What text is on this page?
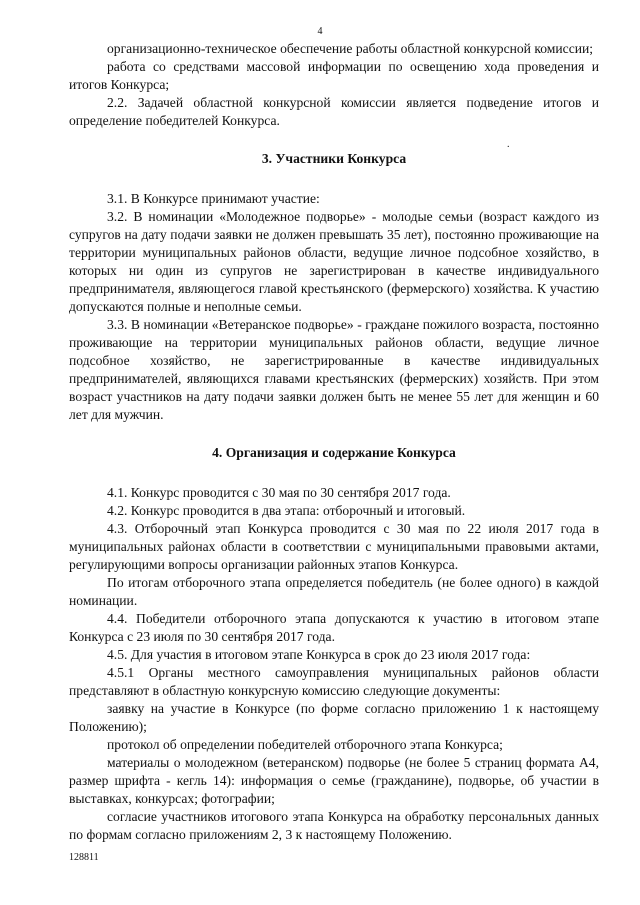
4

организационно-техническое обеспечение работы областной конкурсной комиссии;

работа со средствами массовой информации по освещению хода проведения и итогов Конкурса;

2.2. Задачей областной конкурсной комиссии является подведение итогов и определение победителей Конкурса.

3. Участники Конкурса

3.1. В Конкурсе принимают участие:

3.2. В номинации «Молодежное подворье» - молодые семьи (возраст каждого из супругов на дату подачи заявки не должен превышать 35 лет), постоянно проживающие на территории муниципальных районов области, ведущие личное подсобное хозяйство, в которых ни один из супругов не зарегистрирован в качестве индивидуального предпринимателя, являющегося главой крестьянского (фермерского) хозяйства. К участию допускаются полные и неполные семьи.

3.3. В номинации «Ветеранское подворье» - граждане пожилого возраста, постоянно проживающие на территории муниципальных районов области, ведущие личное подсобное хозяйство, не зарегистрированные в качестве индивидуальных предпринимателей, являющихся главами крестьянских (фермерских) хозяйств. При этом возраст участников на дату подачи заявки должен быть не менее 55 лет для женщин и 60 лет для мужчин.

4. Организация и содержание Конкурса

4.1. Конкурс проводится с 30 мая по 30 сентября 2017 года.

4.2. Конкурс проводится в два этапа: отборочный и итоговый.

4.3. Отборочный этап Конкурса проводится с 30 мая по 22 июля 2017 года в муниципальных районах области в соответствии с муниципальными правовыми актами, регулирующими вопросы организации районных этапов Конкурса.

По итогам отборочного этапа определяется победитель (не более одного) в каждой номинации.

4.4. Победители отборочного этапа допускаются к участию в итоговом этапе Конкурса с 23 июля по 30 сентября 2017 года.

4.5. Для участия в итоговом этапе Конкурса в срок до 23 июля 2017 года:

4.5.1 Органы местного самоуправления муниципальных районов области представляют в областную конкурсную комиссию следующие документы:

заявку на участие в Конкурсе (по форме согласно приложению 1 к настоящему Положению);

протокол об определении победителей отборочного этапа Конкурса;

материалы о молодежном (ветеранском) подворье (не более 5 страниц формата А4, размер шрифта - кегль 14): информация о семье (гражданине), подворье, об участии в выставках, конкурсах; фотографии;

согласие участников итогового этапа Конкурса на обработку персональных данных по формам согласно приложениям 2, 3 к настоящему Положению.

.
128811
